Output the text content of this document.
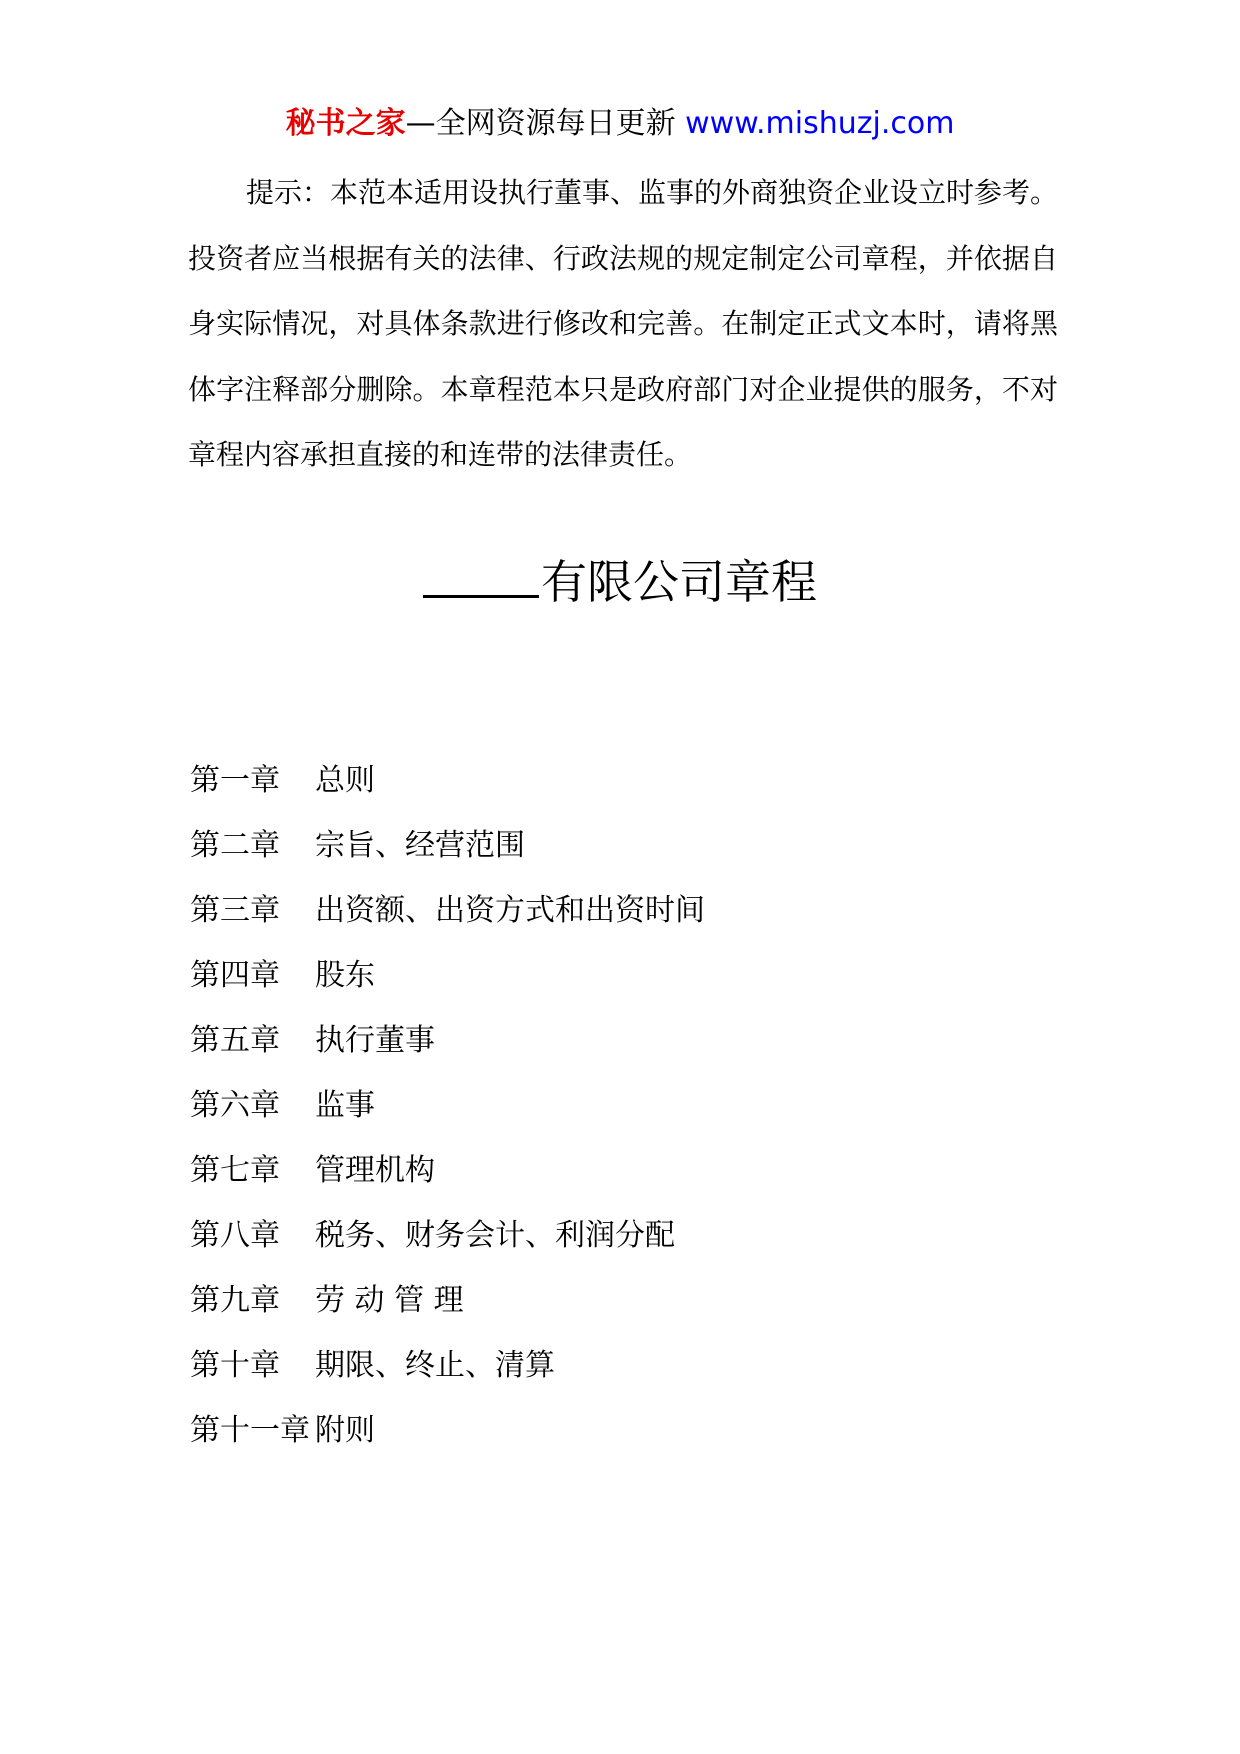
秘书之家—全网资源每日更新 www.mishuzj.com

提示：本范本适用设执行董事、监事的外商独资企业设立时参考。投资者应当根据有关的法律、行政法规的规定制定公司章程，并依据自身实际情况，对具体条款进行修改和完善。在制定正式文本时，请将黑体字注释部分删除。本章程范本只是政府部门对企业提供的服务，不对章程内容承担直接的和连带的法律责任。

有限公司章程
第一章 总则
第二章 宗旨、经营范围
第三章 出资额、出资方式和出资时间
第四章 股东
第五章 执行董事
第六章 监事
第七章 管理机构
第八章 税务、财务会计、利润分配
第九章 劳 动 管 理
第十章 期限、终止、清算
第十一章 附则
